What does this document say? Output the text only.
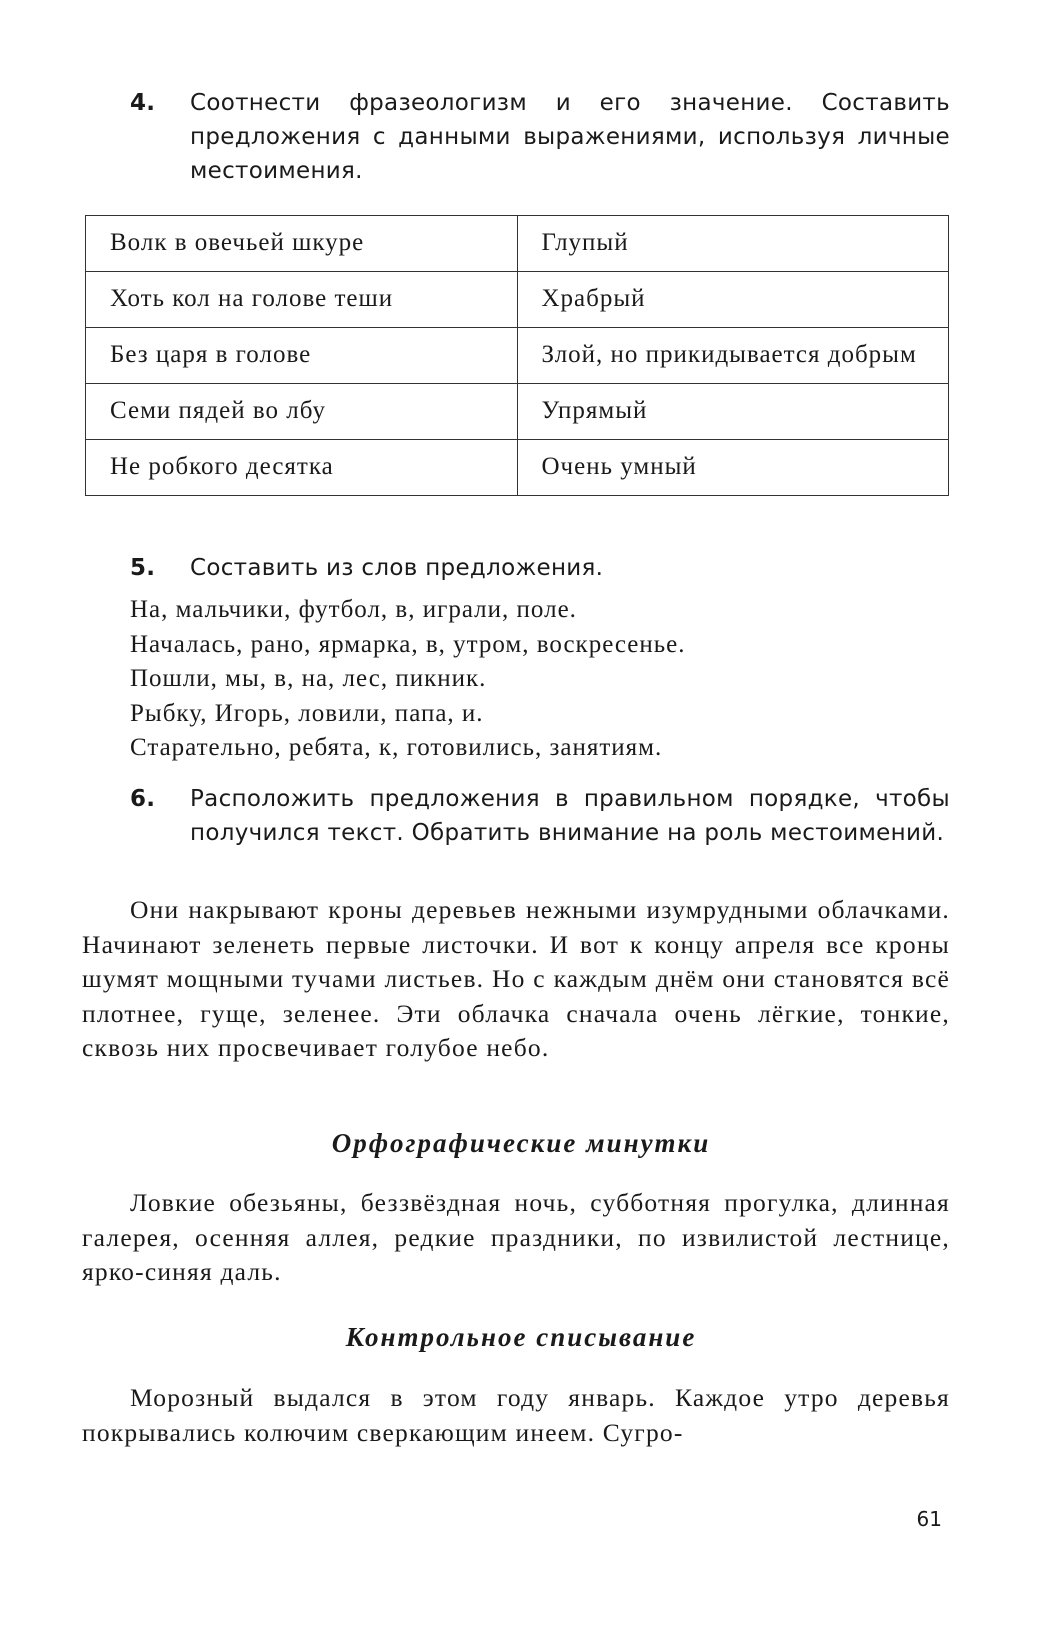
4. Соотнести фразеологизм и его значение. Составить предложения с данными выражениями, используя личные местоимения.
Волк в овечьей шкуре	Глупый
Хоть кол на голове теши	Храбрый
Без царя в голове	Злой, но прикидывается добрым
Семи пядей во лбу	Упрямый
Не робкого десятка	Очень умный
5. Составить из слов предложения.
На, мальчики, футбол, в, играли, поле.
Началась, рано, ярмарка, в, утром, воскресенье.
Пошли, мы, в, на, лес, пикник.
Рыбку, Игорь, ловили, папа, и.
Старательно, ребята, к, готовились, занятиям.
6. Расположить предложения в правильном порядке, чтобы получился текст. Обратить внимание на роль местоимений.
Они накрывают кроны деревьев нежными изумрудными облачками. Начинают зеленеть первые листочки. И вот к концу апреля все кроны шумят мощными тучами листьев. Но с каждым днём они становятся всё плотнее, гуще, зеленее. Эти облачка сначала очень лёгкие, тонкие, сквозь них просвечивает голубое небо.
Орфографические минутки
Ловкие обезьяны, беззвёздная ночь, субботняя прогулка, длинная галерея, осенняя аллея, редкие праздники, по извилистой лестнице, ярко-синяя даль.
Контрольное списывание
Морозный выдался в этом году январь. Каждое утро деревья покрывались колючим сверкающим инеем. Сугро-
61
